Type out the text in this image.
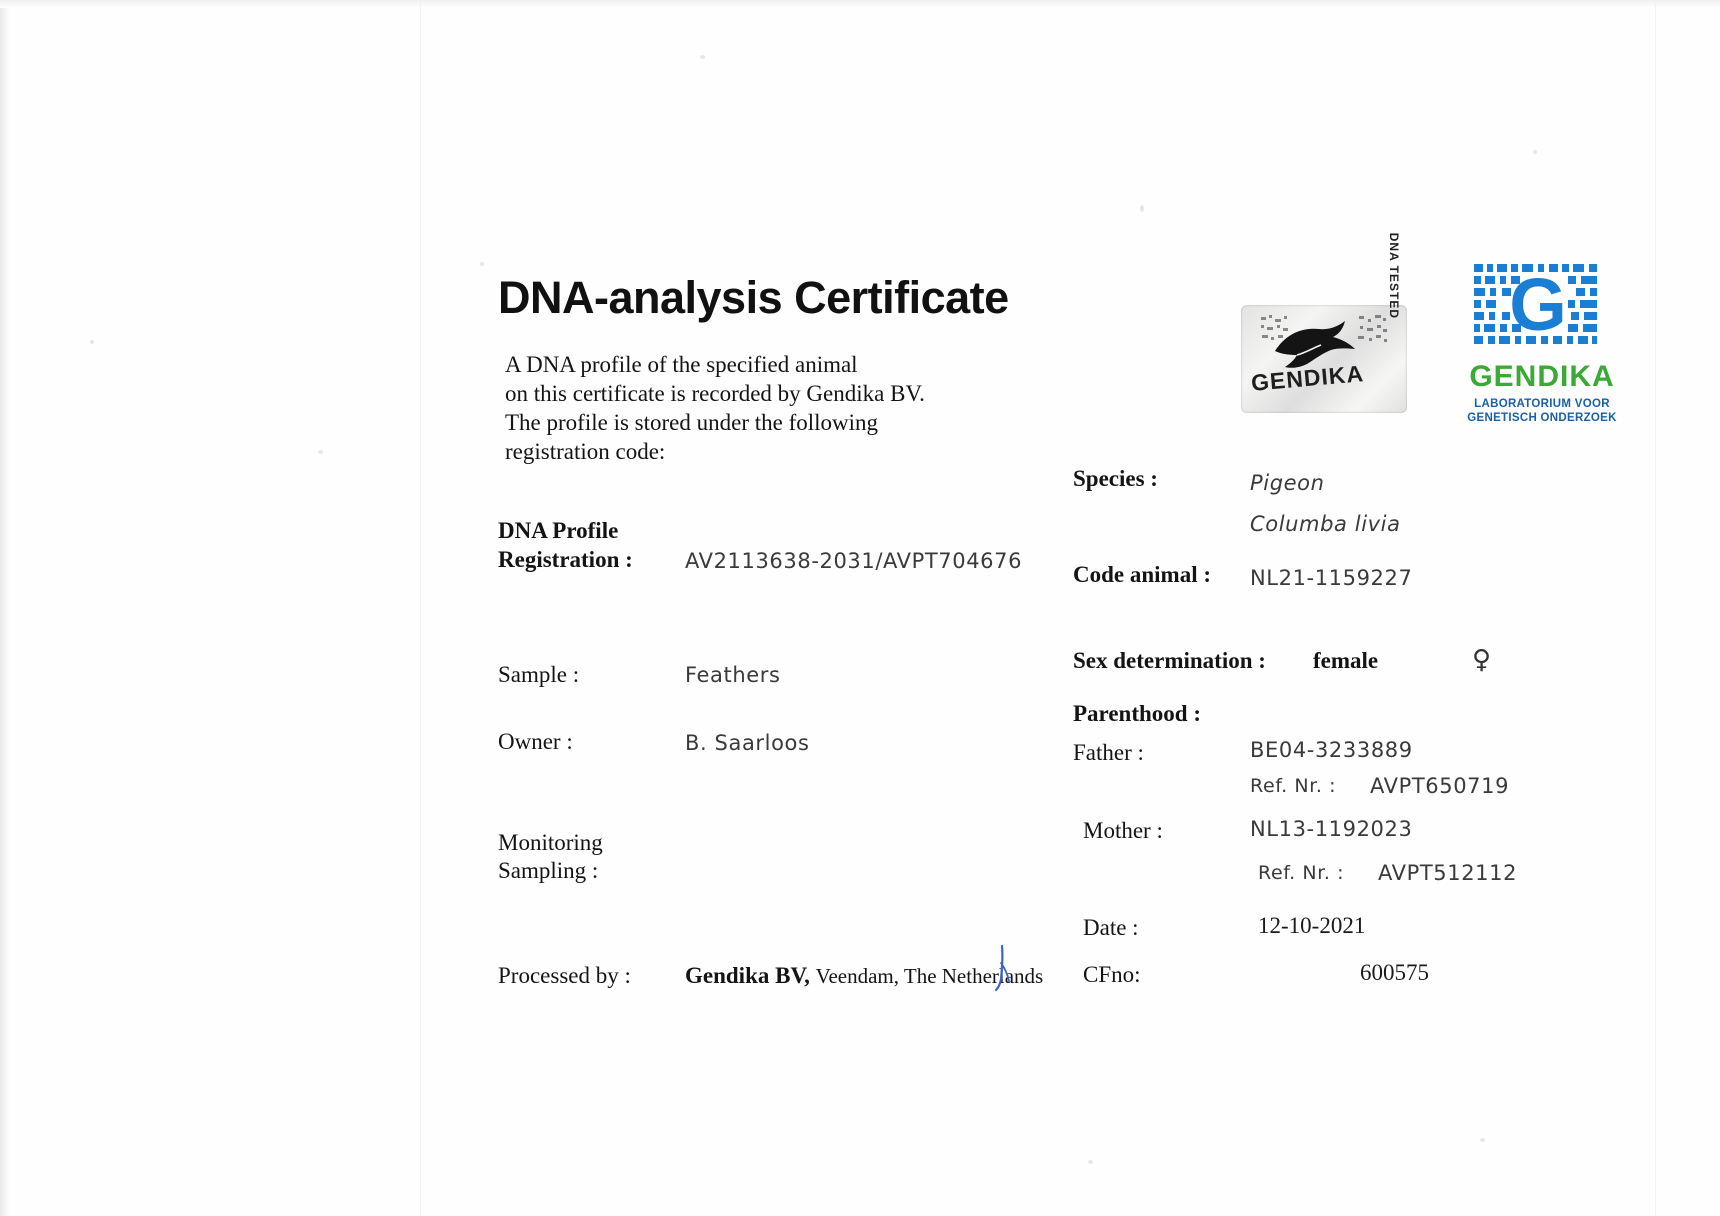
DNA-analysis Certificate
A DNA profile of the specified animal
on this certificate is recorded by Gendika BV.
The profile is stored under the following
registration code:
DNA Profile
Registration : AV2113638-2031/AVPT704676
Sample :	Feathers
Owner :	B. Saarloos
Monitoring
Sampling :
Processed by : Gendika BV, Veendam, The Netherlands
Species :	Pigeon
Columba livia
Code animal : NL21-1159227
Sex determination : female	♀
Parenthood :
Father :	BE04-3233889
Ref. Nr. : AVPT650719
Mother :	NL13-1192023
Ref. Nr. : AVPT512112
Date :	12-10-2021
CFno:	600575
GENDIKA
DNA TESTED G
GENDIKA
LABORATORIUM VOOR
GENETISCH ONDERZOEK
